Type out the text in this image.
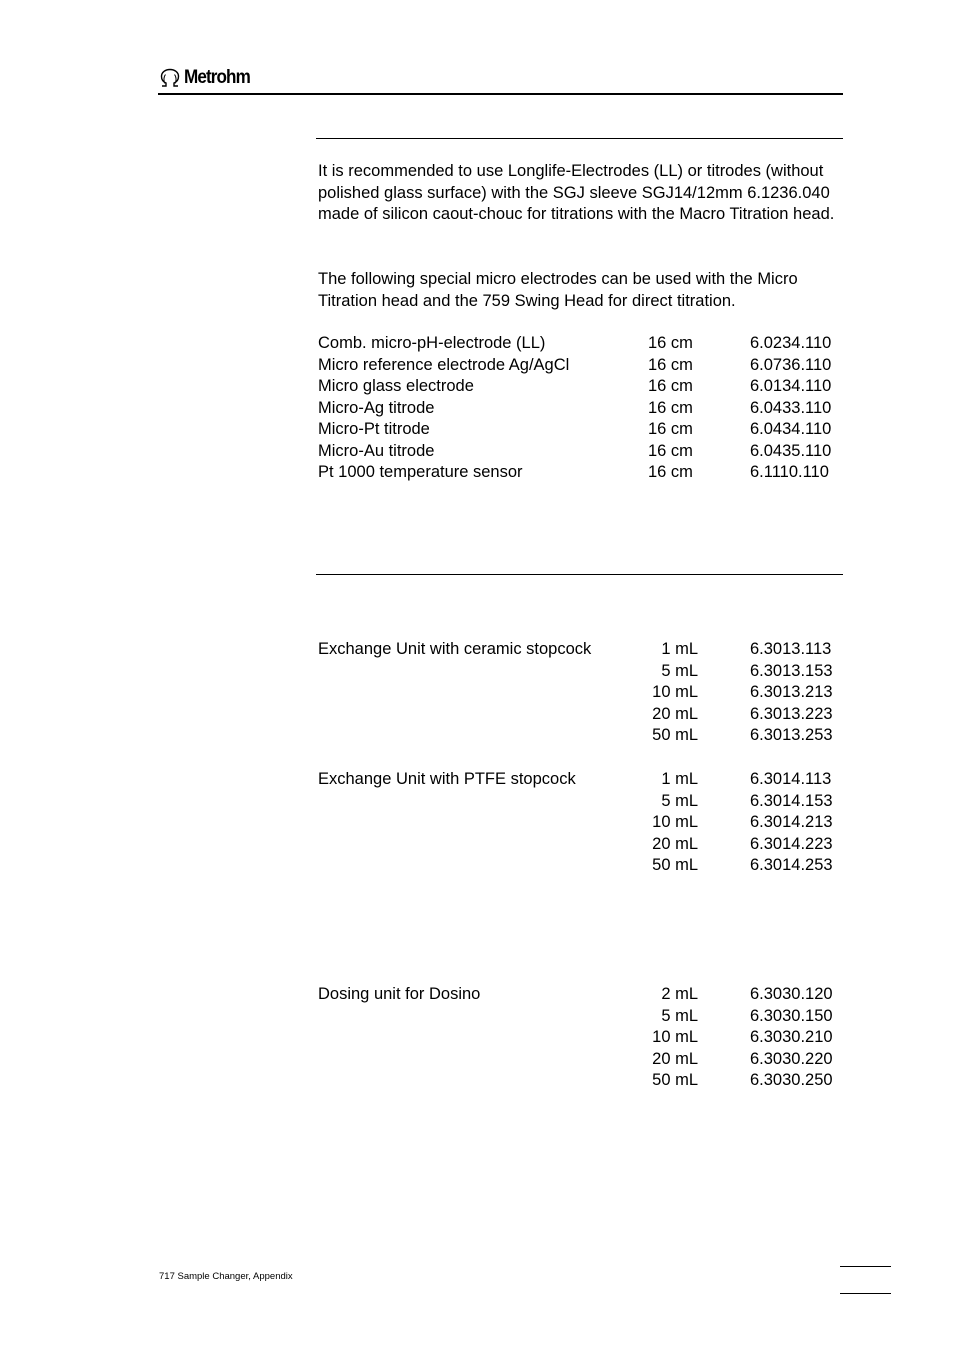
Metrohm

It is recommended to use Longlife-Electrodes (LL) or titrodes (without polished glass surface) with the SGJ sleeve SGJ14/12mm 6.1236.040 made of silicon caout-chouc for titrations with the Macro Titration head.

The following special micro electrodes can be used with the Micro Titration head and the 759 Swing Head for direct titration.

Comb. micro-pH-electrode (LL)	16 cm	6.0234.110
Micro reference electrode Ag/AgCl	16 cm	6.0736.110
Micro glass electrode	16 cm	6.0134.110
Micro-Ag titrode	16 cm	6.0433.110
Micro-Pt titrode	16 cm	6.0434.110
Micro-Au titrode	16 cm	6.0435.110
Pt 1000 temperature sensor	16 cm	6.1110.110
Exchange Unit with ceramic stopcock	1 mL	6.3013.113
5 mL	6.3013.153
10 mL	6.3013.213
20 mL	6.3013.223
50 mL	6.3013.253
Exchange Unit with PTFE stopcock	1 mL	6.3014.113
5 mL	6.3014.153
10 mL	6.3014.213
20 mL	6.3014.223
50 mL	6.3014.253
Dosing unit for Dosino	2 mL	6.3030.120
5 mL	6.3030.150
10 mL	6.3030.210
20 mL	6.3030.220
50 mL	6.3030.250
717 Sample Changer, Appendix
